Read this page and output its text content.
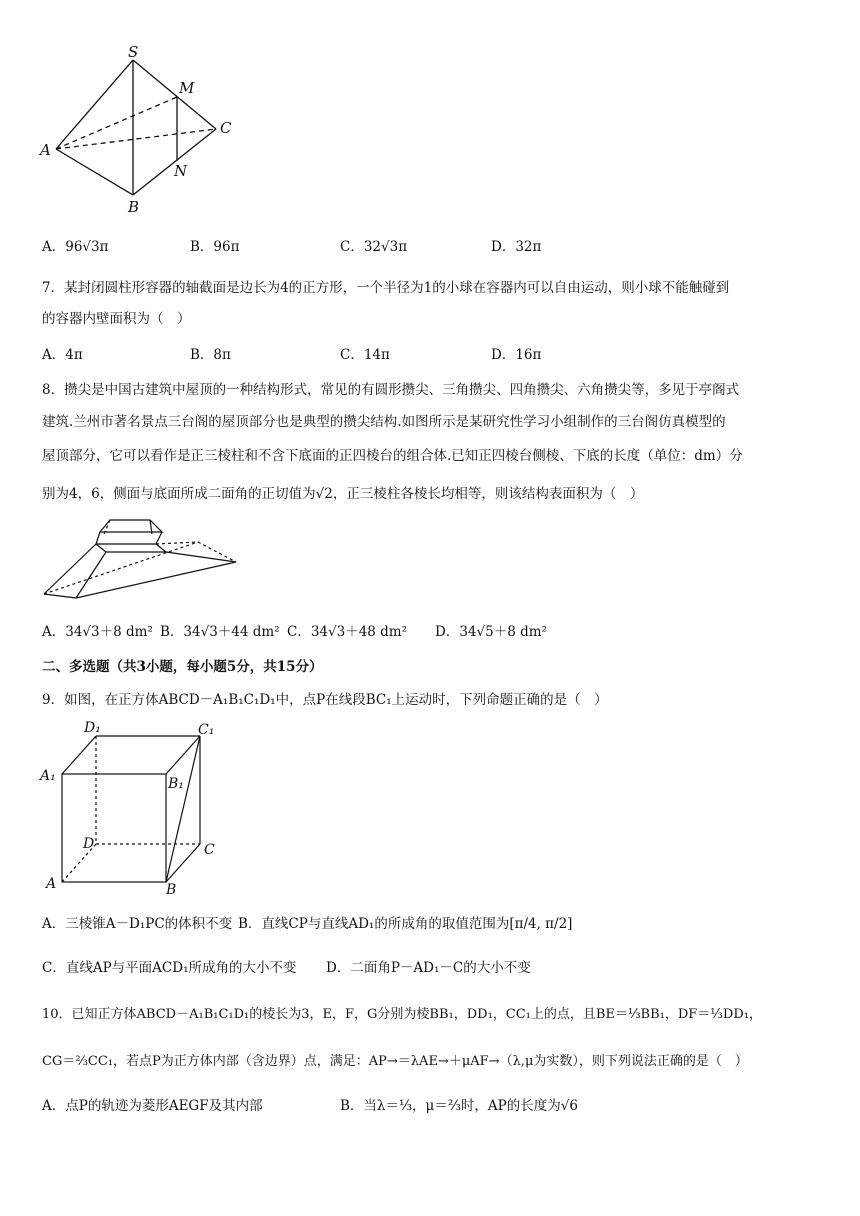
S
M
C
A
N
B
A．96√3π	B．96π	C．32√3π	D．32π
7．某封闭圆柱形容器的轴截面是边长为4的正方形，一个半径为1的小球在容器内可以自由运动，则小球不能触碰到
的容器内壁面积为（　）
A．4π	B．8π	C．14π	D．16π
8．攒尖是中国古建筑中屋顶的一种结构形式，常见的有圆形攒尖、三角攒尖、四角攒尖、六角攒尖等，多见于亭阁式
建筑.兰州市著名景点三台阁的屋顶部分也是典型的攒尖结构.如图所示是某研究性学习小组制作的三台阁仿真模型的
屋顶部分，它可以看作是正三棱柱和不含下底面的正四棱台的组合体.已知正四棱台侧棱、下底的长度（单位：dm）分
别为4，6，侧面与底面所成二面角的正切值为√2，正三棱柱各棱长均相等，则该结构表面积为（　）
A．34√3＋8 dm² B．34√3＋44 dm² C．34√3＋48 dm² D．34√5＋8 dm²
二、多选题（共3小题，每小题5分，共15分）
9．如图，在正方体ABCD－A₁B₁C₁D₁中，点P在线段BC₁上运动时，下列命题正确的是（　）
D₁	C₁
A₁	B₁
D	C
A	B
A．三棱锥A－D₁PC的体积不变 B．直线CP与直线AD₁的所成角的取值范围为[π/4, π/2]
C．直线AP与平面ACD₁所成角的大小不变 D．二面角P－AD₁－C的大小不变
10．已知正方体ABCD－A₁B₁C₁D₁的棱长为3，E，F，G分别为棱BB₁，DD₁，CC₁上的点，且BE＝⅓BB₁，DF＝⅓DD₁，
CG＝⅔CC₁，若点P为正方体内部（含边界）点，满足：AP→＝λAE→＋μAF→（λ,μ为实数），则下列说法正确的是（　）
A．点P的轨迹为菱形AEGF及其内部	B．当λ＝⅓，μ＝⅔时，AP的长度为√6
